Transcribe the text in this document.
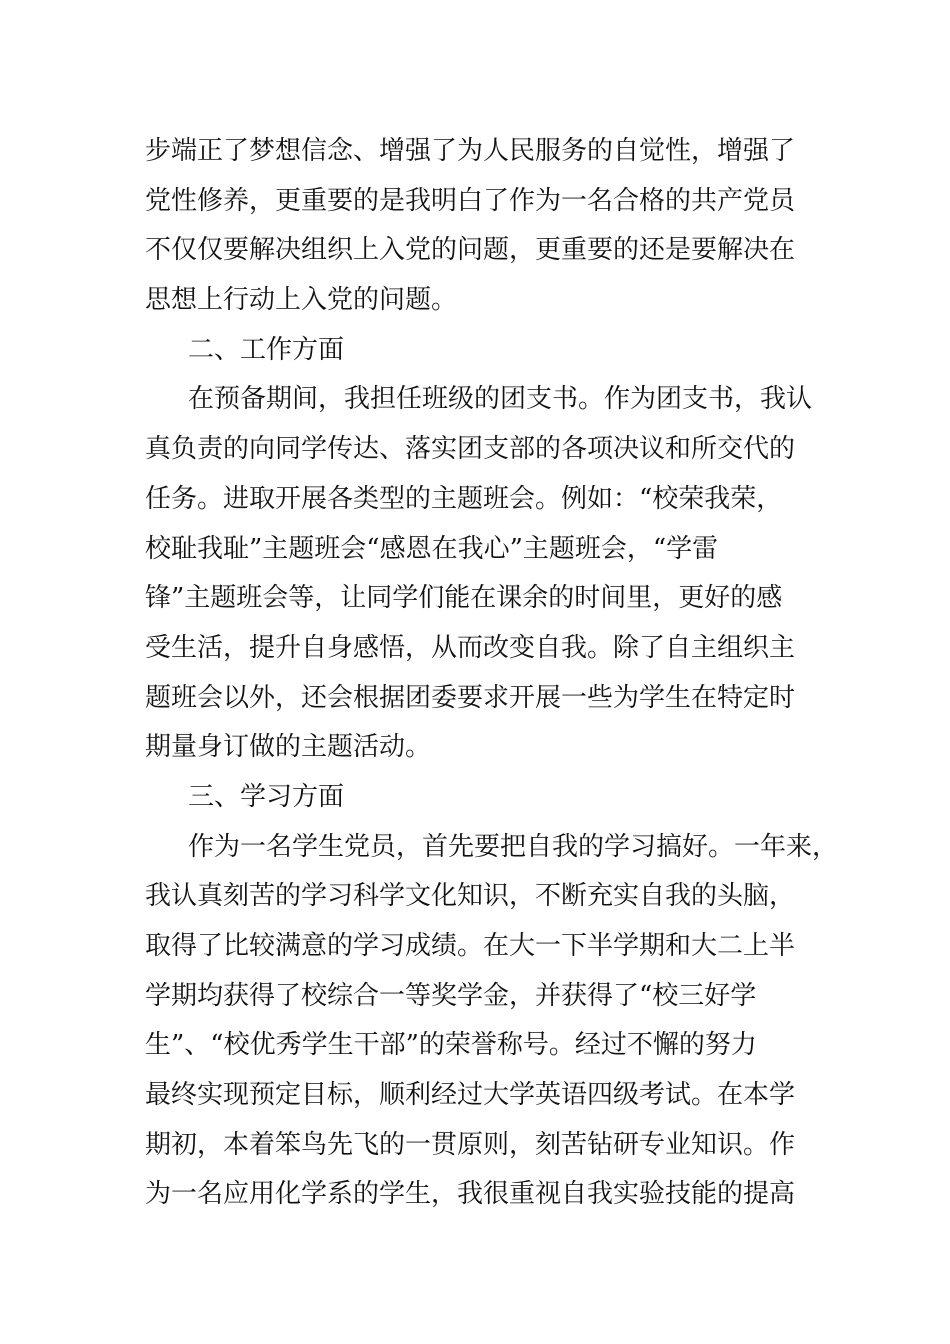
步端正了梦想信念、增强了为人民服务的自觉性，增强了
党性修养，更重要的是我明白了作为一名合格的共产党员
不仅仅要解决组织上入党的问题，更重要的还是要解决在
思想上行动上入党的问题。
二、工作方面
在预备期间，我担任班级的团支书。作为团支书，我认
真负责的向同学传达、落实团支部的各项决议和所交代的
任务。进取开展各类型的主题班会。例如：“校荣我荣，
校耻我耻”主题班会“感恩在我心”主题班会，“学雷
锋”主题班会等，让同学们能在课余的时间里，更好的感
受生活，提升自身感悟，从而改变自我。除了自主组织主
题班会以外，还会根据团委要求开展一些为学生在特定时
期量身订做的主题活动。
三、学习方面
作为一名学生党员，首先要把自我的学习搞好。一年来，
我认真刻苦的学习科学文化知识，不断充实自我的头脑，
取得了比较满意的学习成绩。在大一下半学期和大二上半
学期均获得了校综合一等奖学金，并获得了“校三好学
生”、“校优秀学生干部”的荣誉称号。经过不懈的努力
最终实现预定目标，顺利经过大学英语四级考试。在本学
期初，本着笨鸟先飞的一贯原则，刻苦钻研专业知识。作
为一名应用化学系的学生，我很重视自我实验技能的提高
